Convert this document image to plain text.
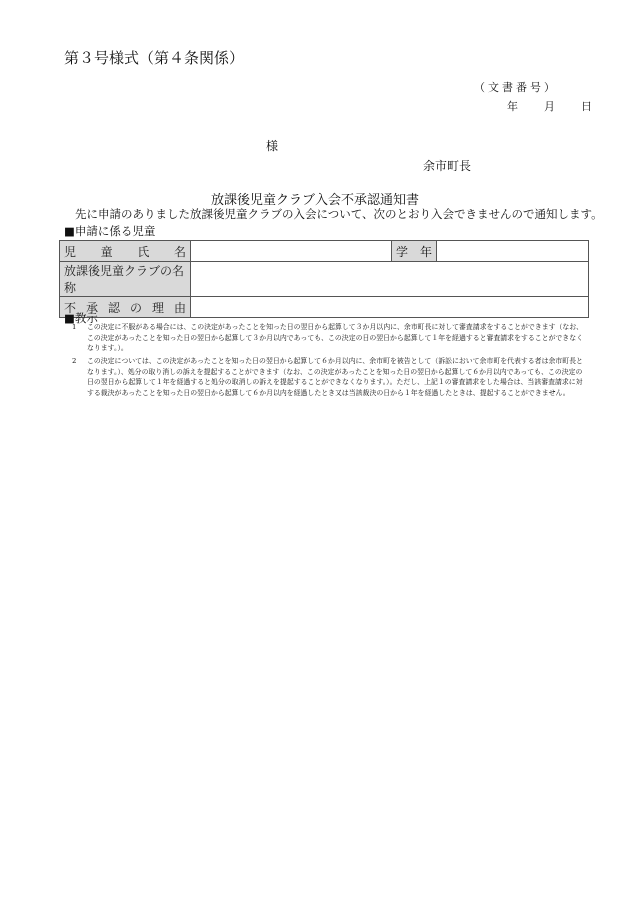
第３号様式（第４条関係）
（文書番号）
年 月 日
様
余市町長
放課後児童クラブ入会不承認通知書
先に申請のありました放課後児童クラブの入会について、次のとおり入会できませんので通知します。
■申請に係る児童
児童氏名		学年	
放課後児童クラブの名称			
不承認の理由			
■教示
1 この決定に不服がある場合には、この決定があったことを知った日の翌日から起算して３か月以内に、余市町長に対して審査請求をすることができます（なお、この決定があったことを知った日の翌日から起算して３か月以内であっても、この決定の日の翌日から起算して１年を経過すると審査請求をすることができなくなります。）。
2 この決定については、この決定があったことを知った日の翌日から起算して６か月以内に、余市町を被告として（訴訟において余市町を代表する者は余市町長となります。）、処分の取り消しの訴えを提起することができます（なお、この決定があったことを知った日の翌日から起算して６か月以内であっても、この決定の日の翌日から起算して１年を経過すると処分の取消しの訴えを提起することができなくなります。）。ただし、上記１の審査請求をした場合は、当該審査請求に対する裁決があったことを知った日の翌日から起算して６か月以内を経過したとき又は当該裁決の日から１年を経過したときは、提起することができません。
